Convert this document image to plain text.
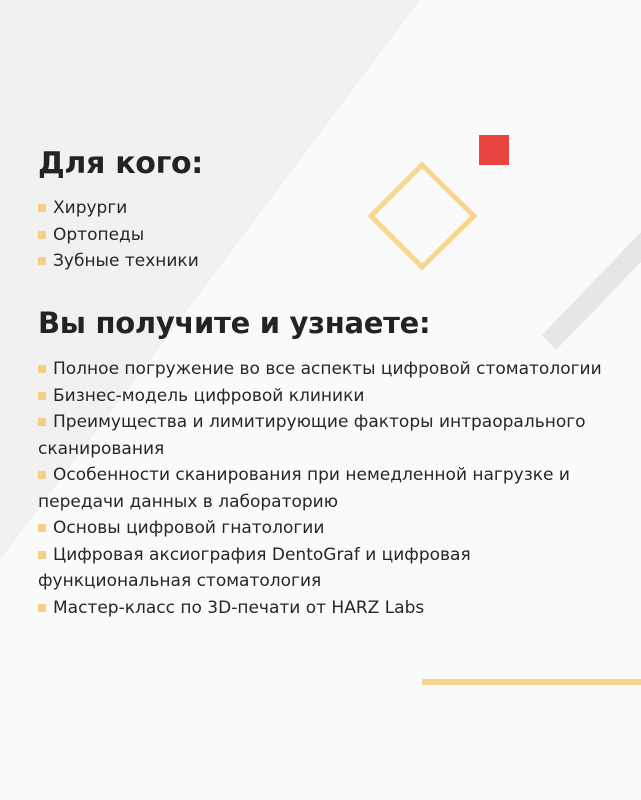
Для кого:
Хирурги
Ортопеды
Зубные техники
Вы получите и узнаете:
Полное погружение во все аспекты цифровой стоматологии
Бизнес-модель цифровой клиники
Преимущества и лимитирующие факторы интраорального сканирования
Особенности сканирования при немедленной нагрузке и передачи данных в лабораторию
Основы цифровой гнатологии
Цифровая аксиография DentoGraf и цифровая функциональная стоматология
Мастер-класс по 3D-печати от HARZ Labs
